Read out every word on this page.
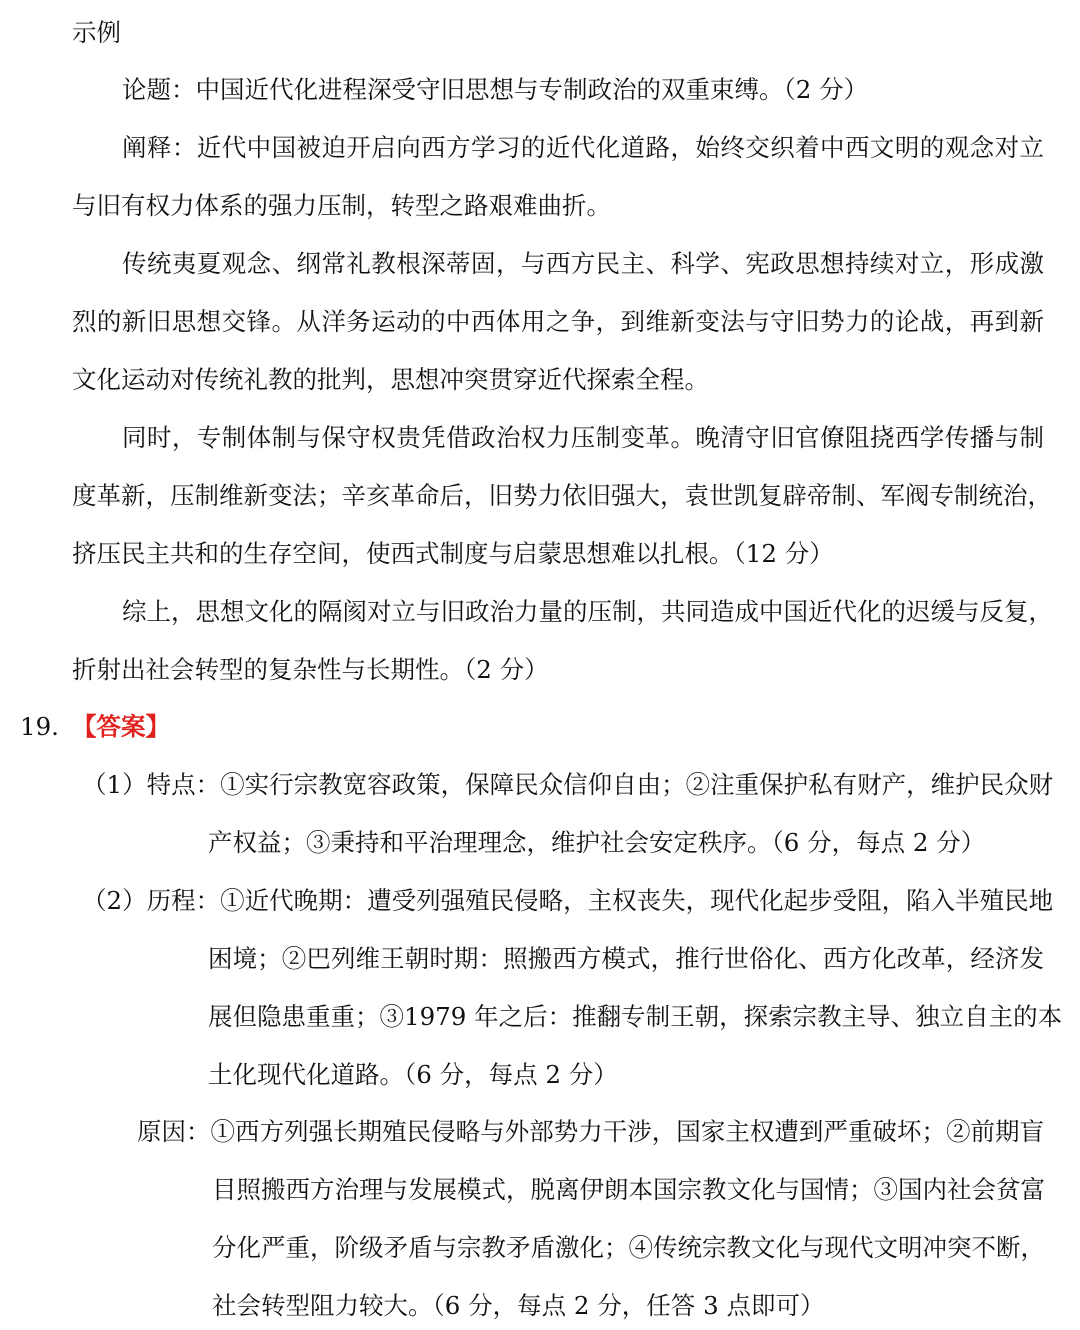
示例
论题：中国近代化进程深受守旧思想与专制政治的双重束缚。（2 分）
阐释：近代中国被迫开启向西方学习的近代化道路，始终交织着中西文明的观念对立
与旧有权力体系的强力压制，转型之路艰难曲折。
传统夷夏观念、纲常礼教根深蒂固，与西方民主、科学、宪政思想持续对立，形成激
烈的新旧思想交锋。从洋务运动的中西体用之争，到维新变法与守旧势力的论战，再到新
文化运动对传统礼教的批判，思想冲突贯穿近代探索全程。
同时，专制体制与保守权贵凭借政治权力压制变革。晚清守旧官僚阻挠西学传播与制
度革新，压制维新变法；辛亥革命后，旧势力依旧强大，袁世凯复辟帝制、军阀专制统治，
挤压民主共和的生存空间，使西式制度与启蒙思想难以扎根。（12 分）
综上，思想文化的隔阂对立与旧政治力量的压制，共同造成中国近代化的迟缓与反复，
折射出社会转型的复杂性与长期性。（2 分）
19. 【答案】
（1）特点：①实行宗教宽容政策，保障民众信仰自由；②注重保护私有财产，维护民众财
产权益；③秉持和平治理理念，维护社会安定秩序。（6 分，每点 2 分）
（2）历程：①近代晚期：遭受列强殖民侵略，主权丧失，现代化起步受阻，陷入半殖民地
困境；②巴列维王朝时期：照搬西方模式，推行世俗化、西方化改革，经济发
展但隐患重重；③1979 年之后：推翻专制王朝，探索宗教主导、独立自主的本
土化现代化道路。（6 分，每点 2 分）
原因：①西方列强长期殖民侵略与外部势力干涉，国家主权遭到严重破坏；②前期盲
目照搬西方治理与发展模式，脱离伊朗本国宗教文化与国情；③国内社会贫富
分化严重，阶级矛盾与宗教矛盾激化；④传统宗教文化与现代文明冲突不断，
社会转型阻力较大。（6 分，每点 2 分，任答 3 点即可）
